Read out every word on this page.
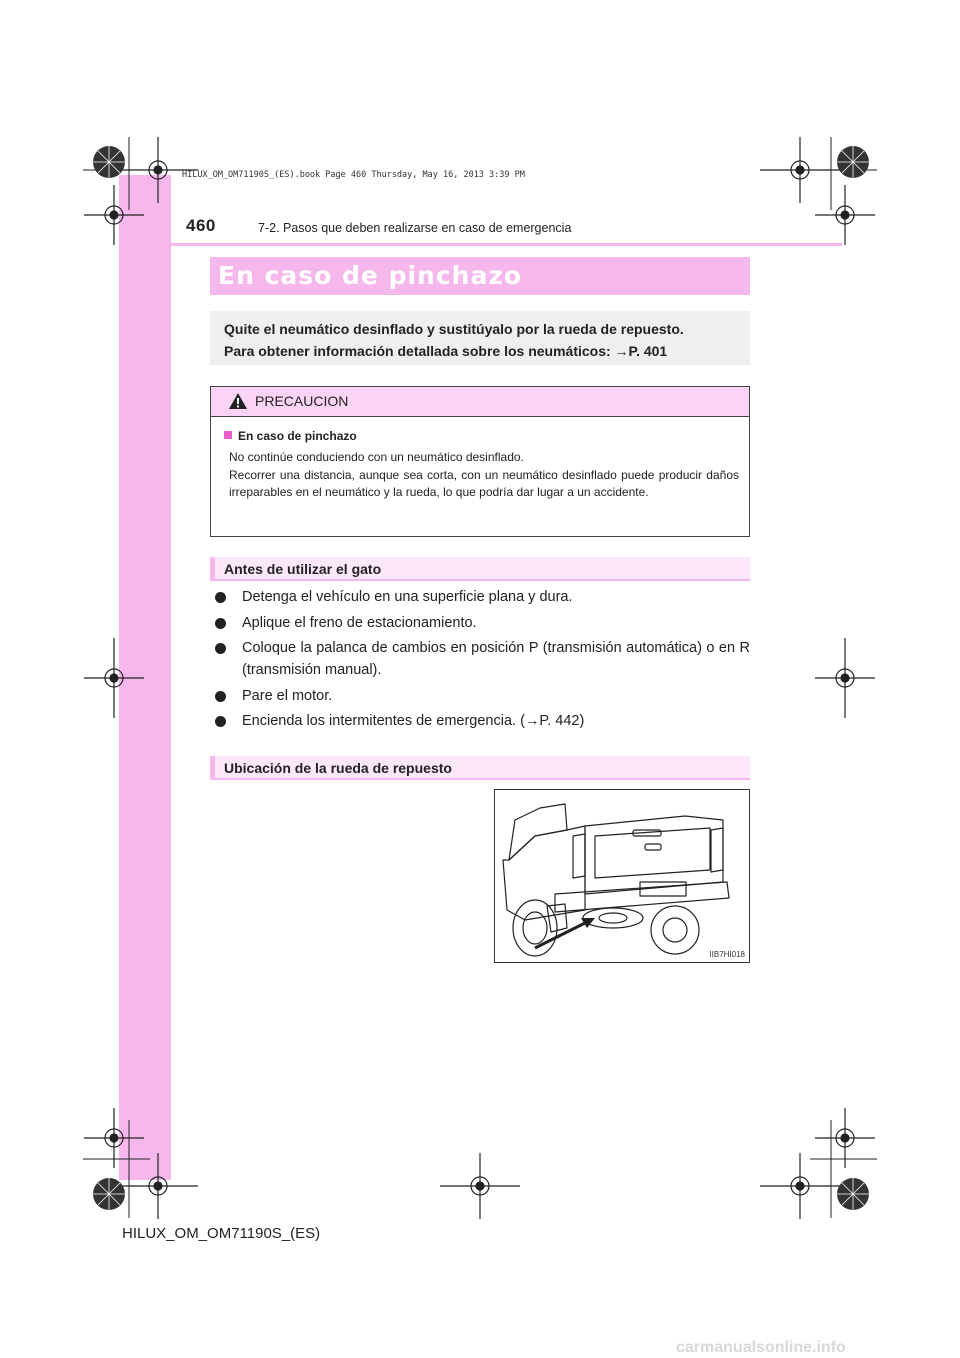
HILUX_OM_OM71190S_(ES).book Page 460 Thursday, May 16, 2013 3:39 PM
460	7-2. Pasos que deben realizarse en caso de emergencia
En caso de pinchazo

Quite el neumático desinflado y sustitúyalo por la rueda de repuesto.

Para obtener información detallada sobre los neumáticos: →P. 401

PRECAUCION
En caso de pinchazo
No continúe conduciendo con un neumático desinflado.
Recorrer una distancia, aunque sea corta, con un neumático desinflado puede producir daños irreparables en el neumático y la rueda, lo que podría dar lugar a un accidente.
Antes de utilizar el gato
Detenga el vehículo en una superficie plana y dura.
Aplique el freno de estacionamiento.
Coloque la palanca de cambios en posición P (transmisión automática) o en R (transmisión manual).
Pare el motor.
Encienda los intermitentes de emergencia. (→P. 442)
Ubicación de la rueda de repuesto
IIB7HI018
HILUX_OM_OM71190S_(ES)
carmanualsonline.info
